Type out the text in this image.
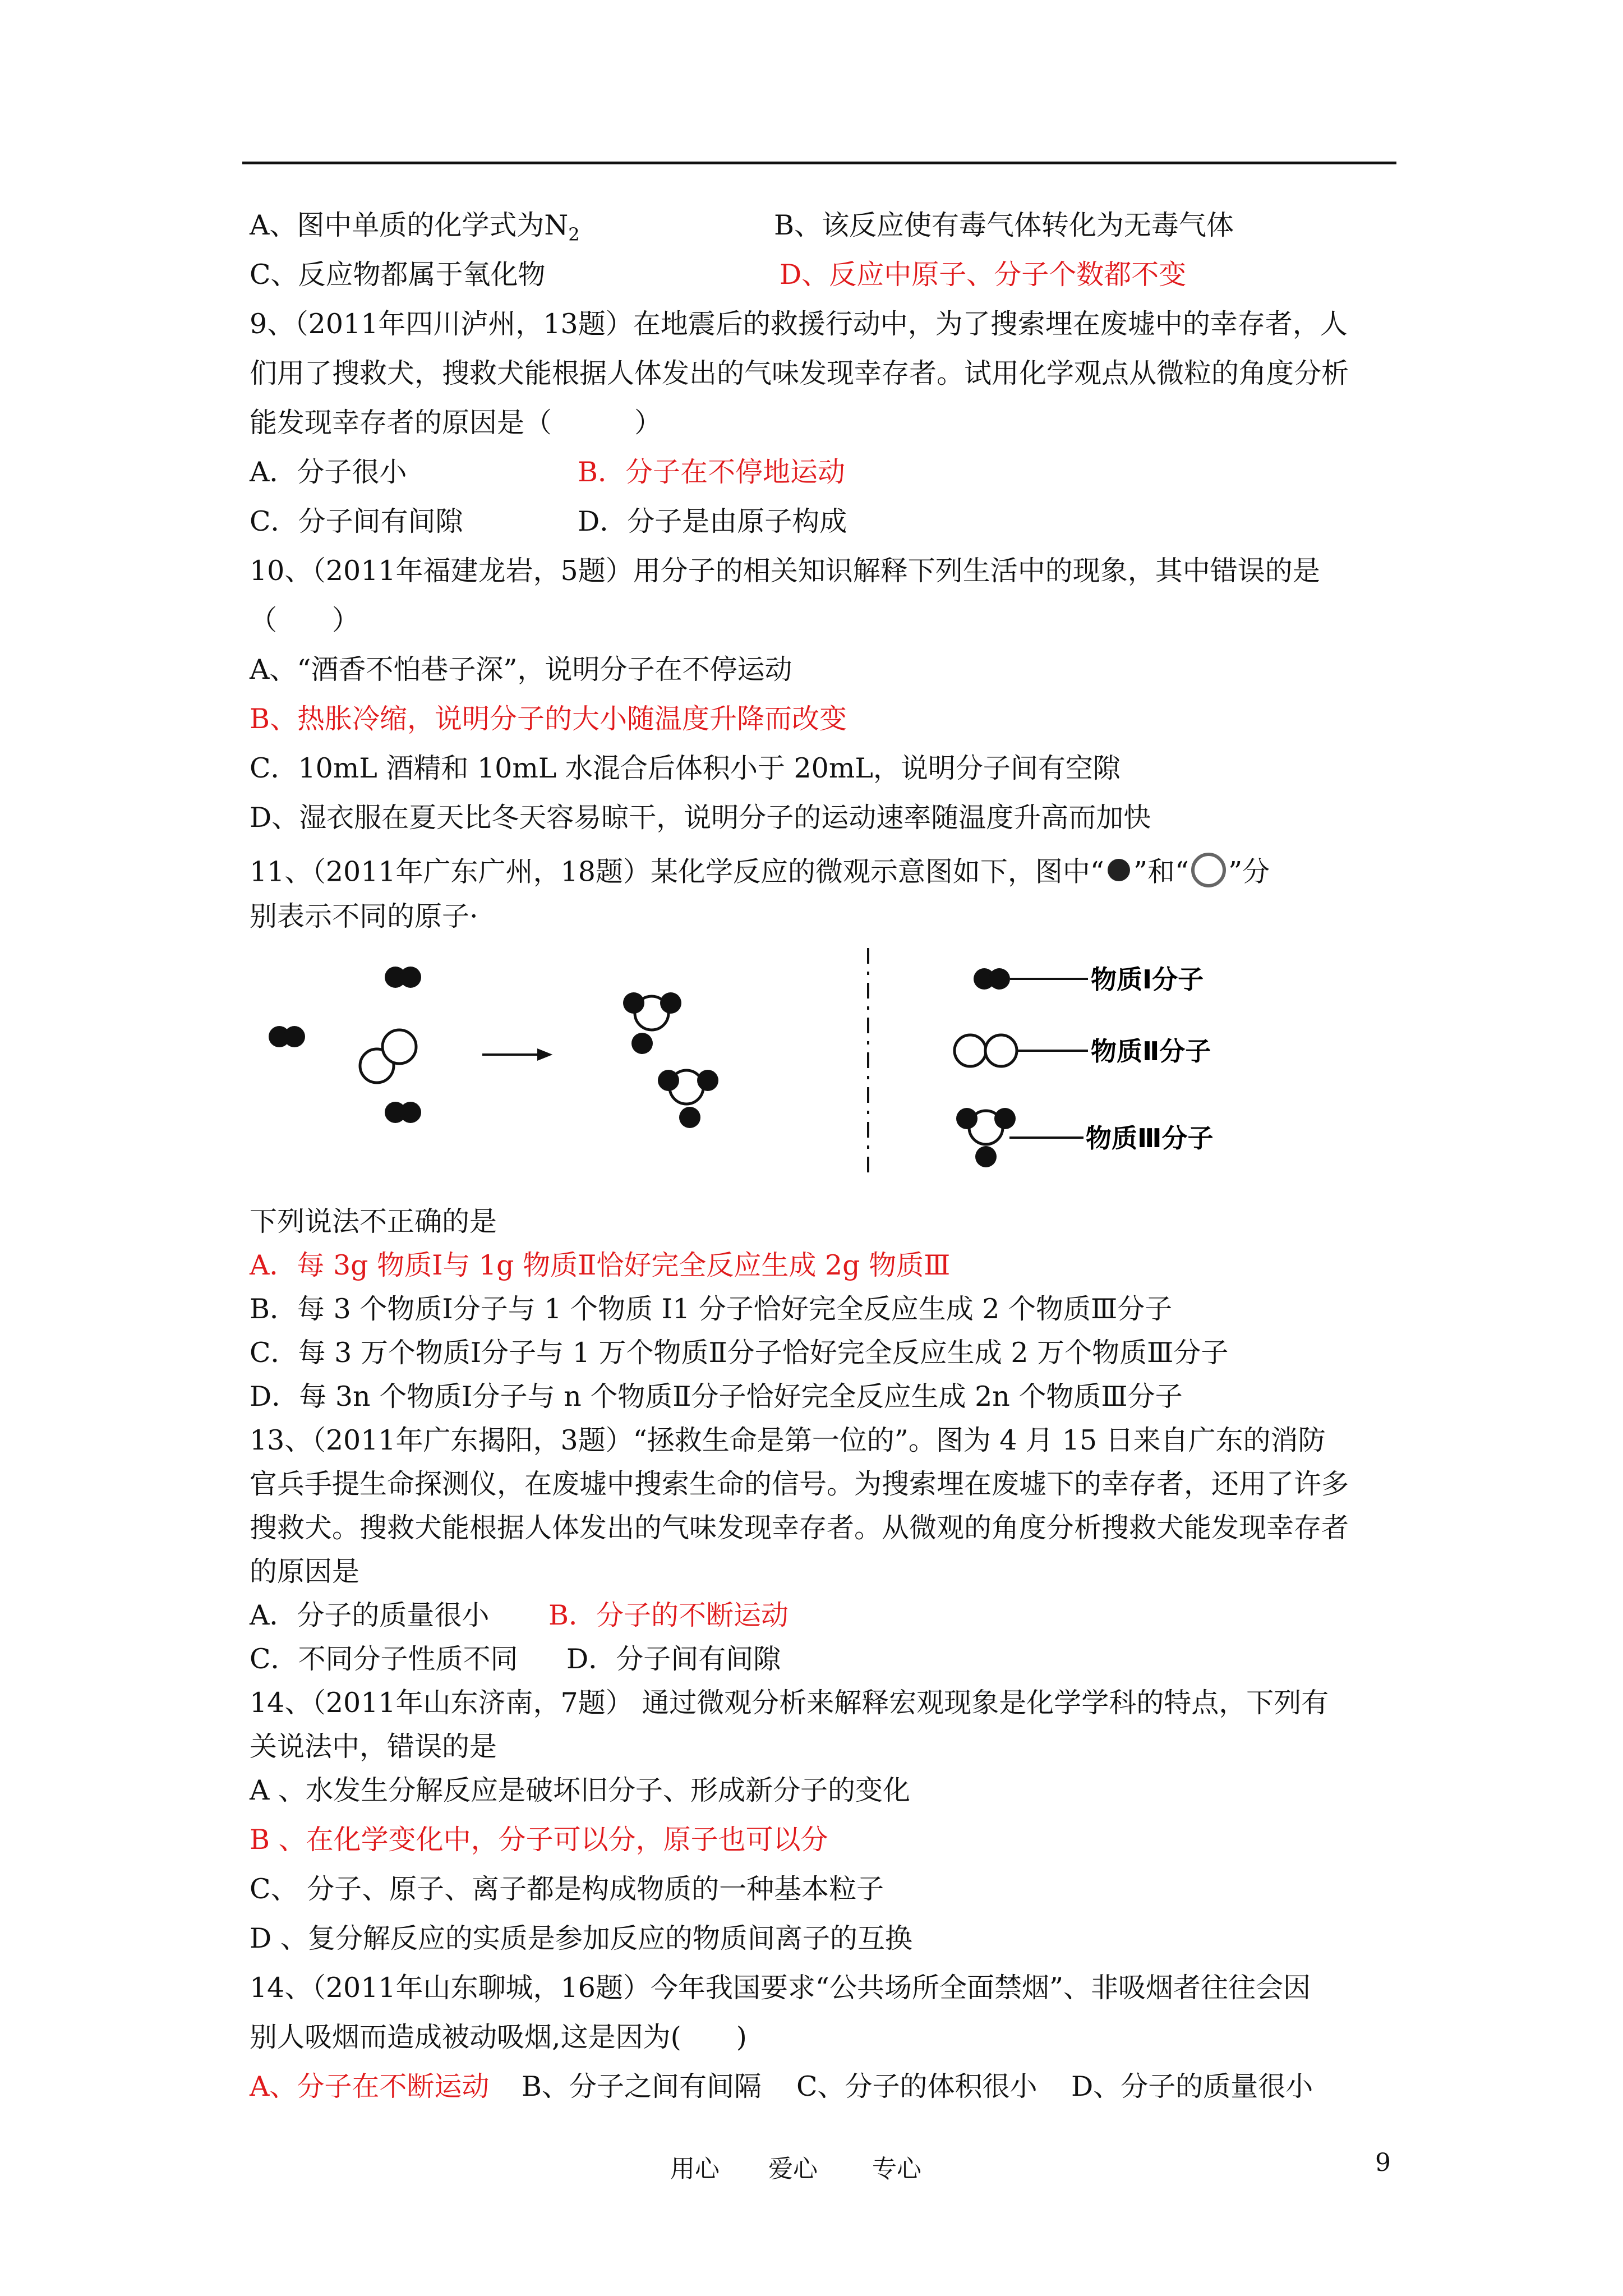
A、图中单质的化学式为$N_2$	B、该反应使有毒气体转化为无毒气体
C、反应物都属于氧化物	D、反应中原子、分子个数都不变
9、（2011年四川泸州，13题）在地震后的救援行动中，为了搜索埋在废墟中的幸存者，人
们用了搜救犬，搜救犬能根据人体发出的气味发现幸存者。试用化学观点从微粒的角度分析
能发现幸存者的原因是（　　　）
A．分子很小	B．分子在不停地运动
C．分子间有间隙	D．分子是由原子构成
10、（2011年福建龙岩，5题）用分子的相关知识解释下列生活中的现象，其中错误的是
（　　）
A、“酒香不怕巷子深”，说明分子在不停运动
B、热胀冷缩，说明分子的大小随温度升降而改变
C．10mL 酒精和 10mL 水混合后体积小于 20mL，说明分子间有空隙
D、湿衣服在夏天比冬天容易晾干，说明分子的运动速率随温度升高而加快
11、（2011年广东广州，18题）某化学反应的微观示意图如下，图中“ ”和“ ”分
别表示不同的原子·
物质Ⅰ分子
物质Ⅱ分子
物质Ⅲ分子
下列说法不正确的是
A．每 3g 物质Ⅰ与 1g 物质Ⅱ恰好完全反应生成 2g 物质Ⅲ
B．每 3 个物质Ⅰ分子与 1 个物质 I1 分子恰好完全反应生成 2 个物质Ⅲ分子
C．每 3 万个物质Ⅰ分子与 1 万个物质Ⅱ分子恰好完全反应生成 2 万个物质Ⅲ分子
D．每 3n 个物质Ⅰ分子与 n 个物质Ⅱ分子恰好完全反应生成 2n 个物质Ⅲ分子
13、（2011年广东揭阳，3题）“拯救生命是第一位的”。图为 4 月 15 日来自广东的消防
官兵手提生命探测仪，在废墟中搜索生命的信号。为搜索埋在废墟下的幸存者，还用了许多
搜救犬。搜救犬能根据人体发出的气味发现幸存者。从微观的角度分析搜救犬能发现幸存者
的原因是
A．分子的质量很小 B．分子的不断运动
C．不同分子性质不同 D．分子间有间隙
14、（2011年山东济南，7题） 通过微观分析来解释宏观现象是化学学科的特点，下列有
关说法中，错误的是
A 、水发生分解反应是破坏旧分子、形成新分子的变化
B 、在化学变化中，分子可以分，原子也可以分
C、 分子、原子、离子都是构成物质的一种基本粒子
D 、复分解反应的实质是参加反应的物质间离子的互换
14、（2011年山东聊城，16题）今年我国要求“公共场所全面禁烟”、非吸烟者往往会因
别人吸烟而造成被动吸烟,这是因为(　　)
A、分子在不断运动 B、分子之间有间隔 C、分子的体积很小 D、分子的质量很小
用心 爱心 专心	9
